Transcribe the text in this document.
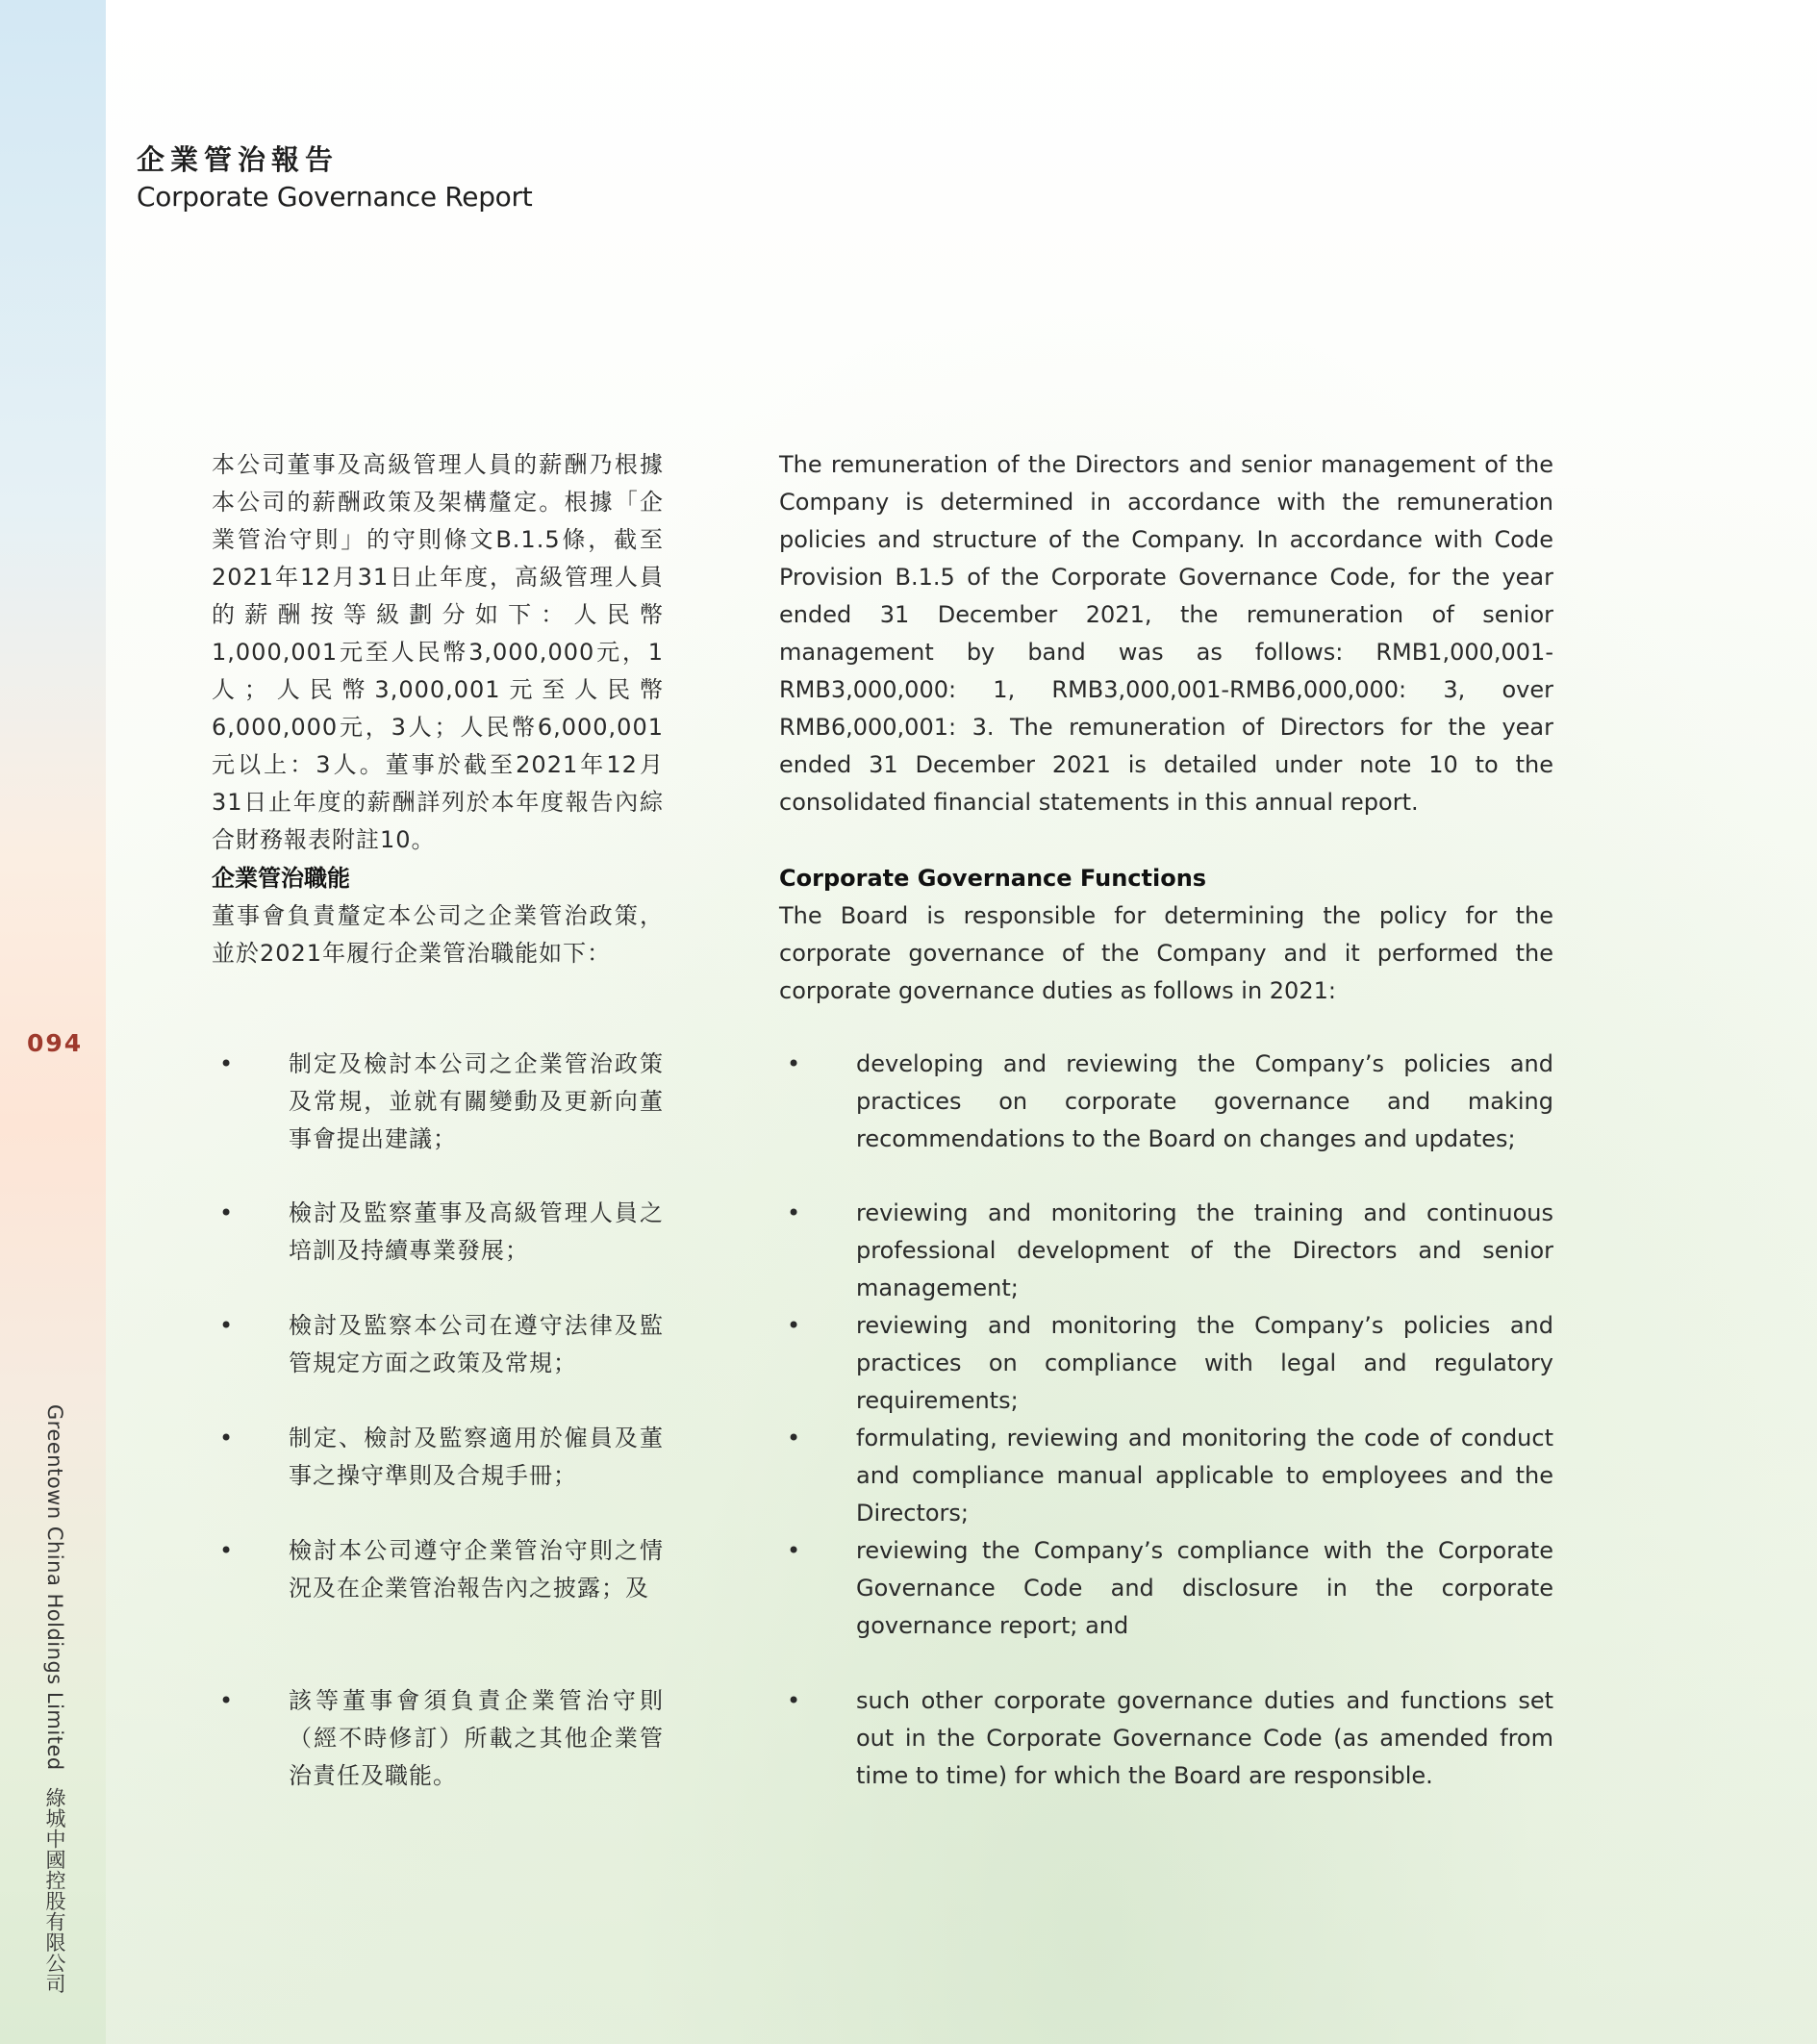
094
Greentown China Holdings Limited 綠城中國控股有限公司
企業管治報告
Corporate Governance Report

本公司董事及高級管理人員的薪酬乃根據本公司的薪酬政策及架構釐定。根據「企業管治守則」的守則條文B.1.5條，截至2021年12月31日止年度，高級管理人員的薪酬按等級劃分如下：人民幣1,000,001元至人民幣3,000,000元，1人；人民幣3,000,001元至人民幣6,000,000元，3人；人民幣6,000,001元以上：3人。董事於截至2021年12月31日止年度的薪酬詳列於本年度報告內綜合財務報表附註10。

企業管治職能

董事會負責釐定本公司之企業管治政策，並於2021年履行企業管治職能如下：

• 制定及檢討本公司之企業管治政策及常規，並就有關變動及更新向董事會提出建議；
• 檢討及監察董事及高級管理人員之培訓及持續專業發展；
• 檢討及監察本公司在遵守法律及監管規定方面之政策及常規；
• 制定、檢討及監察適用於僱員及董事之操守準則及合規手冊；
• 檢討本公司遵守企業管治守則之情況及在企業管治報告內之披露；及
• 該等董事會須負責企業管治守則（經不時修訂）所載之其他企業管治責任及職能。

The remuneration of the Directors and senior management of the Company is determined in accordance with the remuneration policies and structure of the Company. In accordance with Code Provision B.1.5 of the Corporate Governance Code, for the year ended 31 December 2021, the remuneration of senior management by band was as follows: RMB1,000,001-RMB3,000,000: 1, RMB3,000,001-RMB6,000,000: 3, over RMB6,000,001: 3. The remuneration of Directors for the year ended 31 December 2021 is detailed under note 10 to the consolidated financial statements in this annual report.

Corporate Governance Functions

The Board is responsible for determining the policy for the corporate governance of the Company and it performed the corporate governance duties as follows in 2021:

• developing and reviewing the Company’s policies and practices on corporate governance and making recommendations to the Board on changes and updates;
• reviewing and monitoring the training and continuous professional development of the Directors and senior management;
• reviewing and monitoring the Company’s policies and practices on compliance with legal and regulatory requirements;
• formulating, reviewing and monitoring the code of conduct and compliance manual applicable to employees and the Directors;
• reviewing the Company’s compliance with the Corporate Governance Code and disclosure in the corporate governance report; and
• such other corporate governance duties and functions set out in the Corporate Governance Code (as amended from time to time) for which the Board are responsible.
